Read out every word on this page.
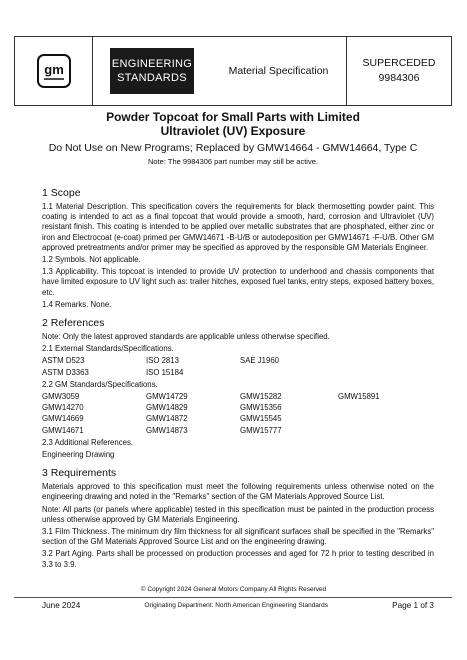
gm	ENGINEERING
STANDARDS
Material Specification
SUPERCEDED
9984306
Powder Topcoat for Small Parts with Limited
Ultraviolet (UV) Exposure
Do Not Use on New Programs; Replaced by GMW14664 - GMW14664, Type C
Note: The 9984306 part number may still be active.
1 Scope
1.1 Material Description. This specification covers the requirements for black thermosetting powder paint. This coating is intended to act as a final topcoat that would provide a smooth, hard, corrosion and Ultraviolet (UV) resistant finish. This coating is intended to be applied over metallic substrates that are phosphated, either zinc or iron and Electrocoat (e-coat) primed per GMW14671 -B-U/B or autodeposition per GMW14671 -F-U/B. Other GM approved pretreatments and/or primer may be specified as approved by the responsible GM Materials Engineer.
1.2 Symbols. Not applicable.
1.3 Applicability. This topcoat is intended to provide UV protection to underhood and chassis components that have limited exposure to UV light such as: trailer hitches, exposed fuel tanks, entry steps, exposed battery boxes, etc.
1.4 Remarks. None.
2 References
Note: Only the latest approved standards are applicable unless otherwise specified.
2.1 External Standards/Specifications.
ASTM D523	ISO 2813	SAE J1960
ASTM D3363	ISO 15184
2.2 GM Standards/Specifications.
GMW3059	GMW14729	GMW15282	GMW15891
GMW14270	GMW14829	GMW15356
GMW14669	GMW14872	GMW15545
GMW14671	GMW14873	GMW15777
2.3 Additional References.
Engineering Drawing
3 Requirements
Materials approved to this specification must meet the following requirements unless otherwise noted on the engineering drawing and noted in the "Remarks" section of the GM Materials Approved Source List.
Note: All parts (or panels where applicable) tested in this specification must be painted in the production process unless otherwise approved by GM Materials Engineering.
3.1 Film Thickness. The minimum dry film thickness for all significant surfaces shall be specified in the "Remarks" section of the GM Materials Approved Source List and on the engineering drawing.
3.2 Part Aging. Parts shall be processed on production processes and aged for 72 h prior to testing described in 3.3 to 3.9.
© Copyright 2024 General Motors Company All Rights Reserved
June 2024	Originating Department: North American Engineering Standards	Page 1 of 3
